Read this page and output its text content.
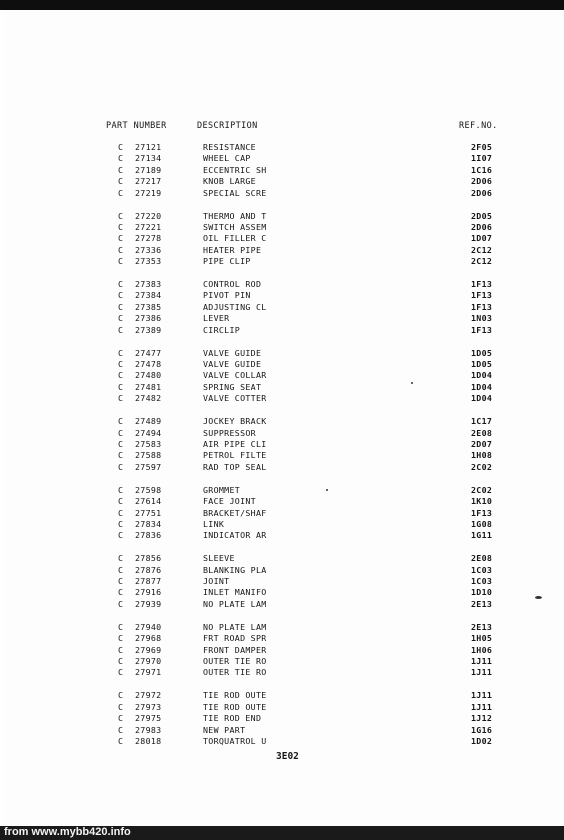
PART NUMBER	DESCRIPTION	REF.NO.
C 27121	RESISTANCE	2F05
C 27134	WHEEL CAP	1I07
C 27189	ECCENTRIC SH	1C16
C 27217	KNOB LARGE	2D06
C 27219	SPECIAL SCRE	2D06
C 27220	THERMO AND T	2D05
C 27221	SWITCH ASSEM	2D06
C 27278	OIL FILLER C	1D07
C 27336	HEATER PIPE	2C12
C 27353	PIPE CLIP	2C12
C 27383	CONTROL ROD	1F13
C 27384	PIVOT PIN	1F13
C 27385	ADJUSTING CL	1F13
C 27386	LEVER	1N03
C 27389	CIRCLIP	1F13
C 27477	VALVE GUIDE	1D05
C 27478	VALVE GUIDE	1D05
C 27480	VALVE COLLAR	1D04
C 27481	SPRING SEAT	1D04
C 27482	VALVE COTTER	1D04
C 27489	JOCKEY BRACK	1C17
C 27494	SUPPRESSOR	2E08
C 27583	AIR PIPE CLI	2D07
C 27588	PETROL FILTE	1H08
C 27597	RAD TOP SEAL	2C02
C 27598	GROMMET	2C02
C 27614	FACE JOINT	1K10
C 27751	BRACKET/SHAF	1F13
C 27834	LINK	1G08
C 27836	INDICATOR AR	1G11
C 27856	SLEEVE	2E08
C 27876	BLANKING PLA	1C03
C 27877	JOINT	1C03
C 27916	INLET MANIFO	1D10
C 27939	NO PLATE LAM	2E13
C 27940	NO PLATE LAM	2E13
C 27968	FRT ROAD SPR	1H05
C 27969	FRONT DAMPER	1H06
C 27970	OUTER TIE RO	1J11
C 27971	OUTER TIE RO	1J11
C 27972	TIE ROD OUTE	1J11
C 27973	TIE ROD OUTE	1J11
C 27975	TIE ROD END	1J12
C 27983	NEW PART	1G16
C 28018	TORQUATROL U	1D02
3E02
from www.mybb420.info
